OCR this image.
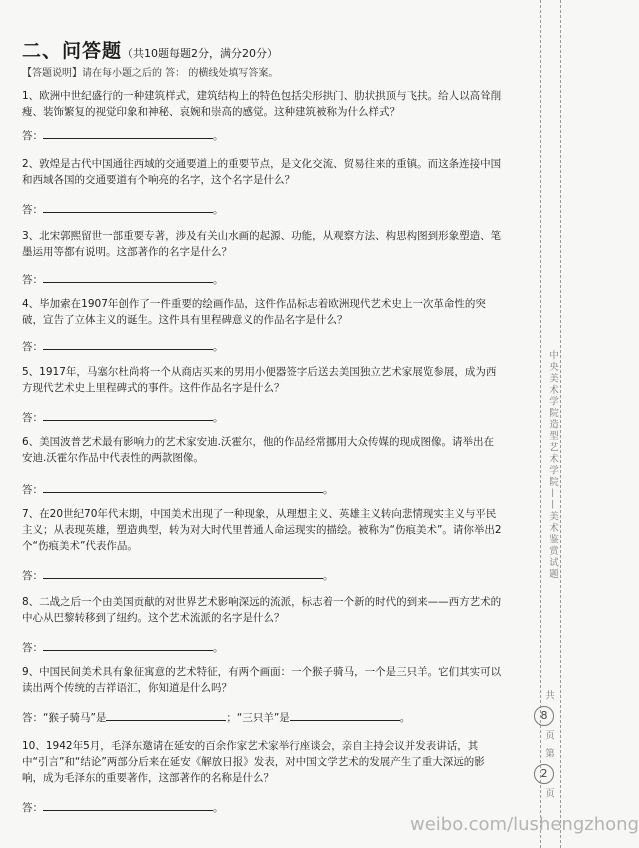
二、问答题（共10题每题2分，满分20分）
【答题说明】请在每小题之后的 答： 的横线处填写答案。
1、欧洲中世纪盛行的一种建筑样式，建筑结构上的特色包括尖形拱门、肋状拱顶与飞扶。给人以高耸削瘦、装饰繁复的视觉印象和神秘、哀婉和崇高的感觉。这种建筑被称为什么样式？
答：	。
2、敦煌是古代中国通往西域的交通要道上的重要节点，是文化交流、贸易往来的重镇。而这条连接中国和西域各国的交通要道有个响亮的名字，这个名字是什么？
答：	。
3、北宋郭熙留世一部重要专著，涉及有关山水画的起源、功能，从观察方法、构思构图到形象塑造、笔墨运用等都有说明。这部著作的名字是什么？
答：	。
4、毕加索在1907年创作了一件重要的绘画作品，这件作品标志着欧洲现代艺术史上一次革命性的突破，宣告了立体主义的诞生。这件具有里程碑意义的作品名字是什么？
答：	。
5、1917年，马塞尔杜尚将一个从商店买来的男用小便器签字后送去美国独立艺术家展览参展，成为西方现代艺术史上里程碑式的事件。这件作品名字是什么？
答：	。
6、美国波普艺术最有影响力的艺术家安迪.沃霍尔，他的作品经常挪用大众传媒的现成图像。请举出在安迪.沃霍尔作品中代表性的两款图像。
答：	。
7、在20世纪70年代末期，中国美术出现了一种现象，从理想主义、英雄主义转向悲情现实主义与平民主义；从表现英雄，塑造典型，转为对大时代里普通人命运现实的描绘。被称为“伤痕美术”。请你举出2个“伤痕美术”代表作品。
答：	。
8、二战之后一个由美国贡献的对世界艺术影响深远的流派，标志着一个新的时代的到来——西方艺术的中心从巴黎转移到了纽约。这个艺术流派的名字是什么？
答：	。
9、中国民间美术具有象征寓意的艺术特征，有两个画面：一个猴子骑马，一个是三只羊。它们其实可以读出两个传统的吉祥语汇，你知道是什么吗？
答：“猴子骑马”是	；“三只羊”是	。
10、1942年5月，毛泽东邀请在延安的百余作家艺术家举行座谈会，亲自主持会议并发表讲话，其中“引言”和“结论”两部分后来在延安《解放日报》发表，对中国文学艺术的发展产生了重大深远的影响，成为毛泽东的重要著作，这部著作的名称是什么？
答：	。
中央美术学院造型艺术学院——美术鉴赏试题
共
8
页
第
2
页
weibo.com/lushengzhong
